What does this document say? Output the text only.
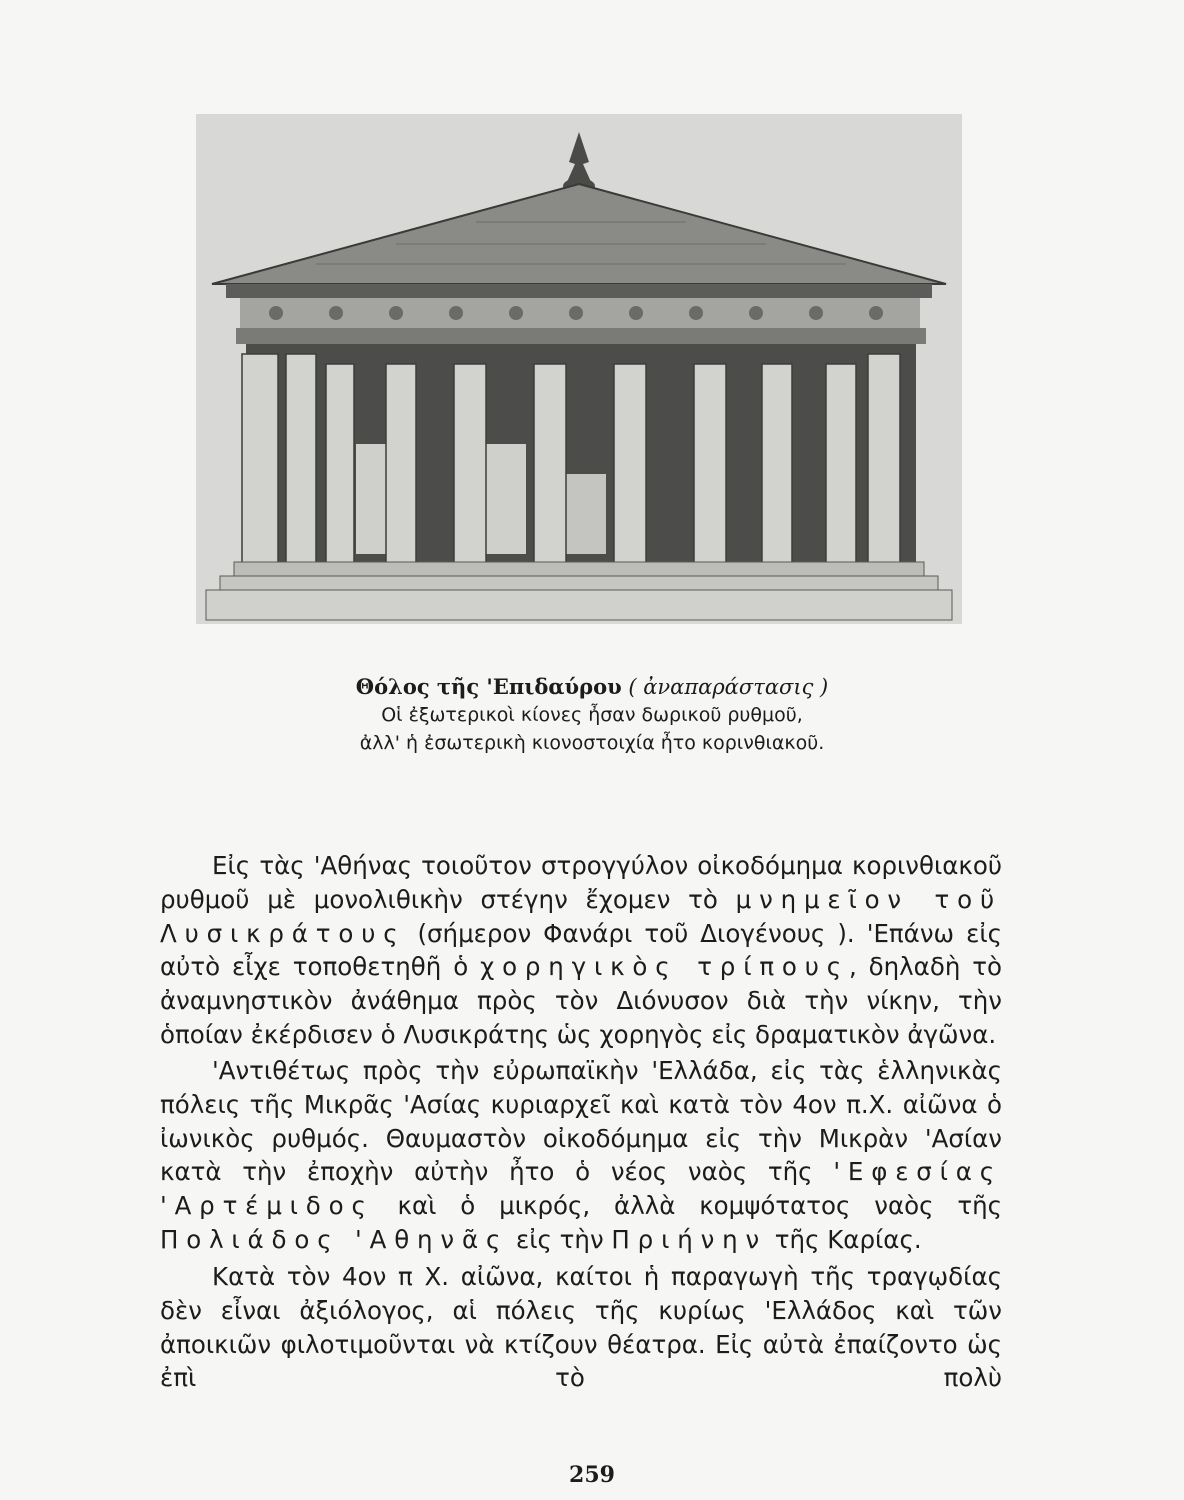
Θόλος τῆς 'Επιδαύρου ( ἀναπαράστασις )
Οἱ ἐξωτερικοὶ κίονες ἦσαν δωρικοῦ ρυθμοῦ,
ἀλλ' ἡ ἐσωτερικὴ κιονοστοιχία ἦτο κορινθιακοῦ.

Εἰς τὰς 'Αθήνας τοιοῦτον στρογγύλον οἰκοδόμημα κορινθιακοῦ ρυθμοῦ μὲ μονολιθικὴν στέγην ἔχομεν τὸ μνημεῖον τοῦ Λυσικράτους (σήμερον Φανάρι τοῦ Διογένους ). 'Επάνω εἰς αὐτὸ εἶχε τοποθετηθῆ ὁ χορηγικὸς τρίπους, δηλαδὴ τὸ ἀναμνηστικὸν ἀνάθημα πρὸς τὸν Διόνυσον διὰ τὴν νίκην, τὴν ὁποίαν ἐκέρδισεν ὁ Λυσικράτης ὡς χορηγὸς εἰς δραματικὸν ἀγῶνα.

'Αντιθέτως πρὸς τὴν εὐρωπαϊκὴν 'Ελλάδα, εἰς τὰς ἑλληνικὰς πόλεις τῆς Μικρᾶς 'Ασίας κυριαρχεῖ καὶ κατὰ τὸν 4ον π.Χ. αἰῶνα ὁ ἰωνικὸς ρυθμός. Θαυμαστὸν οἰκοδόμημα εἰς τὴν Μικρὰν 'Ασίαν κατὰ τὴν ἐποχὴν αὐτὴν ἦτο ὁ νέος ναὸς τῆς 'Εφεσίας 'Αρτέμιδος καὶ ὁ μικρός, ἀλλὰ κομψότατος ναὸς τῆς Πολιάδος 'Αθηνᾶς εἰς τὴν Πριήνην τῆς Καρίας.

Κατὰ τὸν 4ον π Χ. αἰῶνα, καίτοι ἡ παραγωγὴ τῆς τραγῳδίας δὲν εἶναι ἀξιόλογος, αἱ πόλεις τῆς κυρίως 'Ελλάδος καὶ τῶν ἀποικιῶν φιλοτιμοῦνται νὰ κτίζουν θέατρα. Εἰς αὐτὰ ἐπαίζοντο ὡς ἐπὶ τὸ πολὺ

259
